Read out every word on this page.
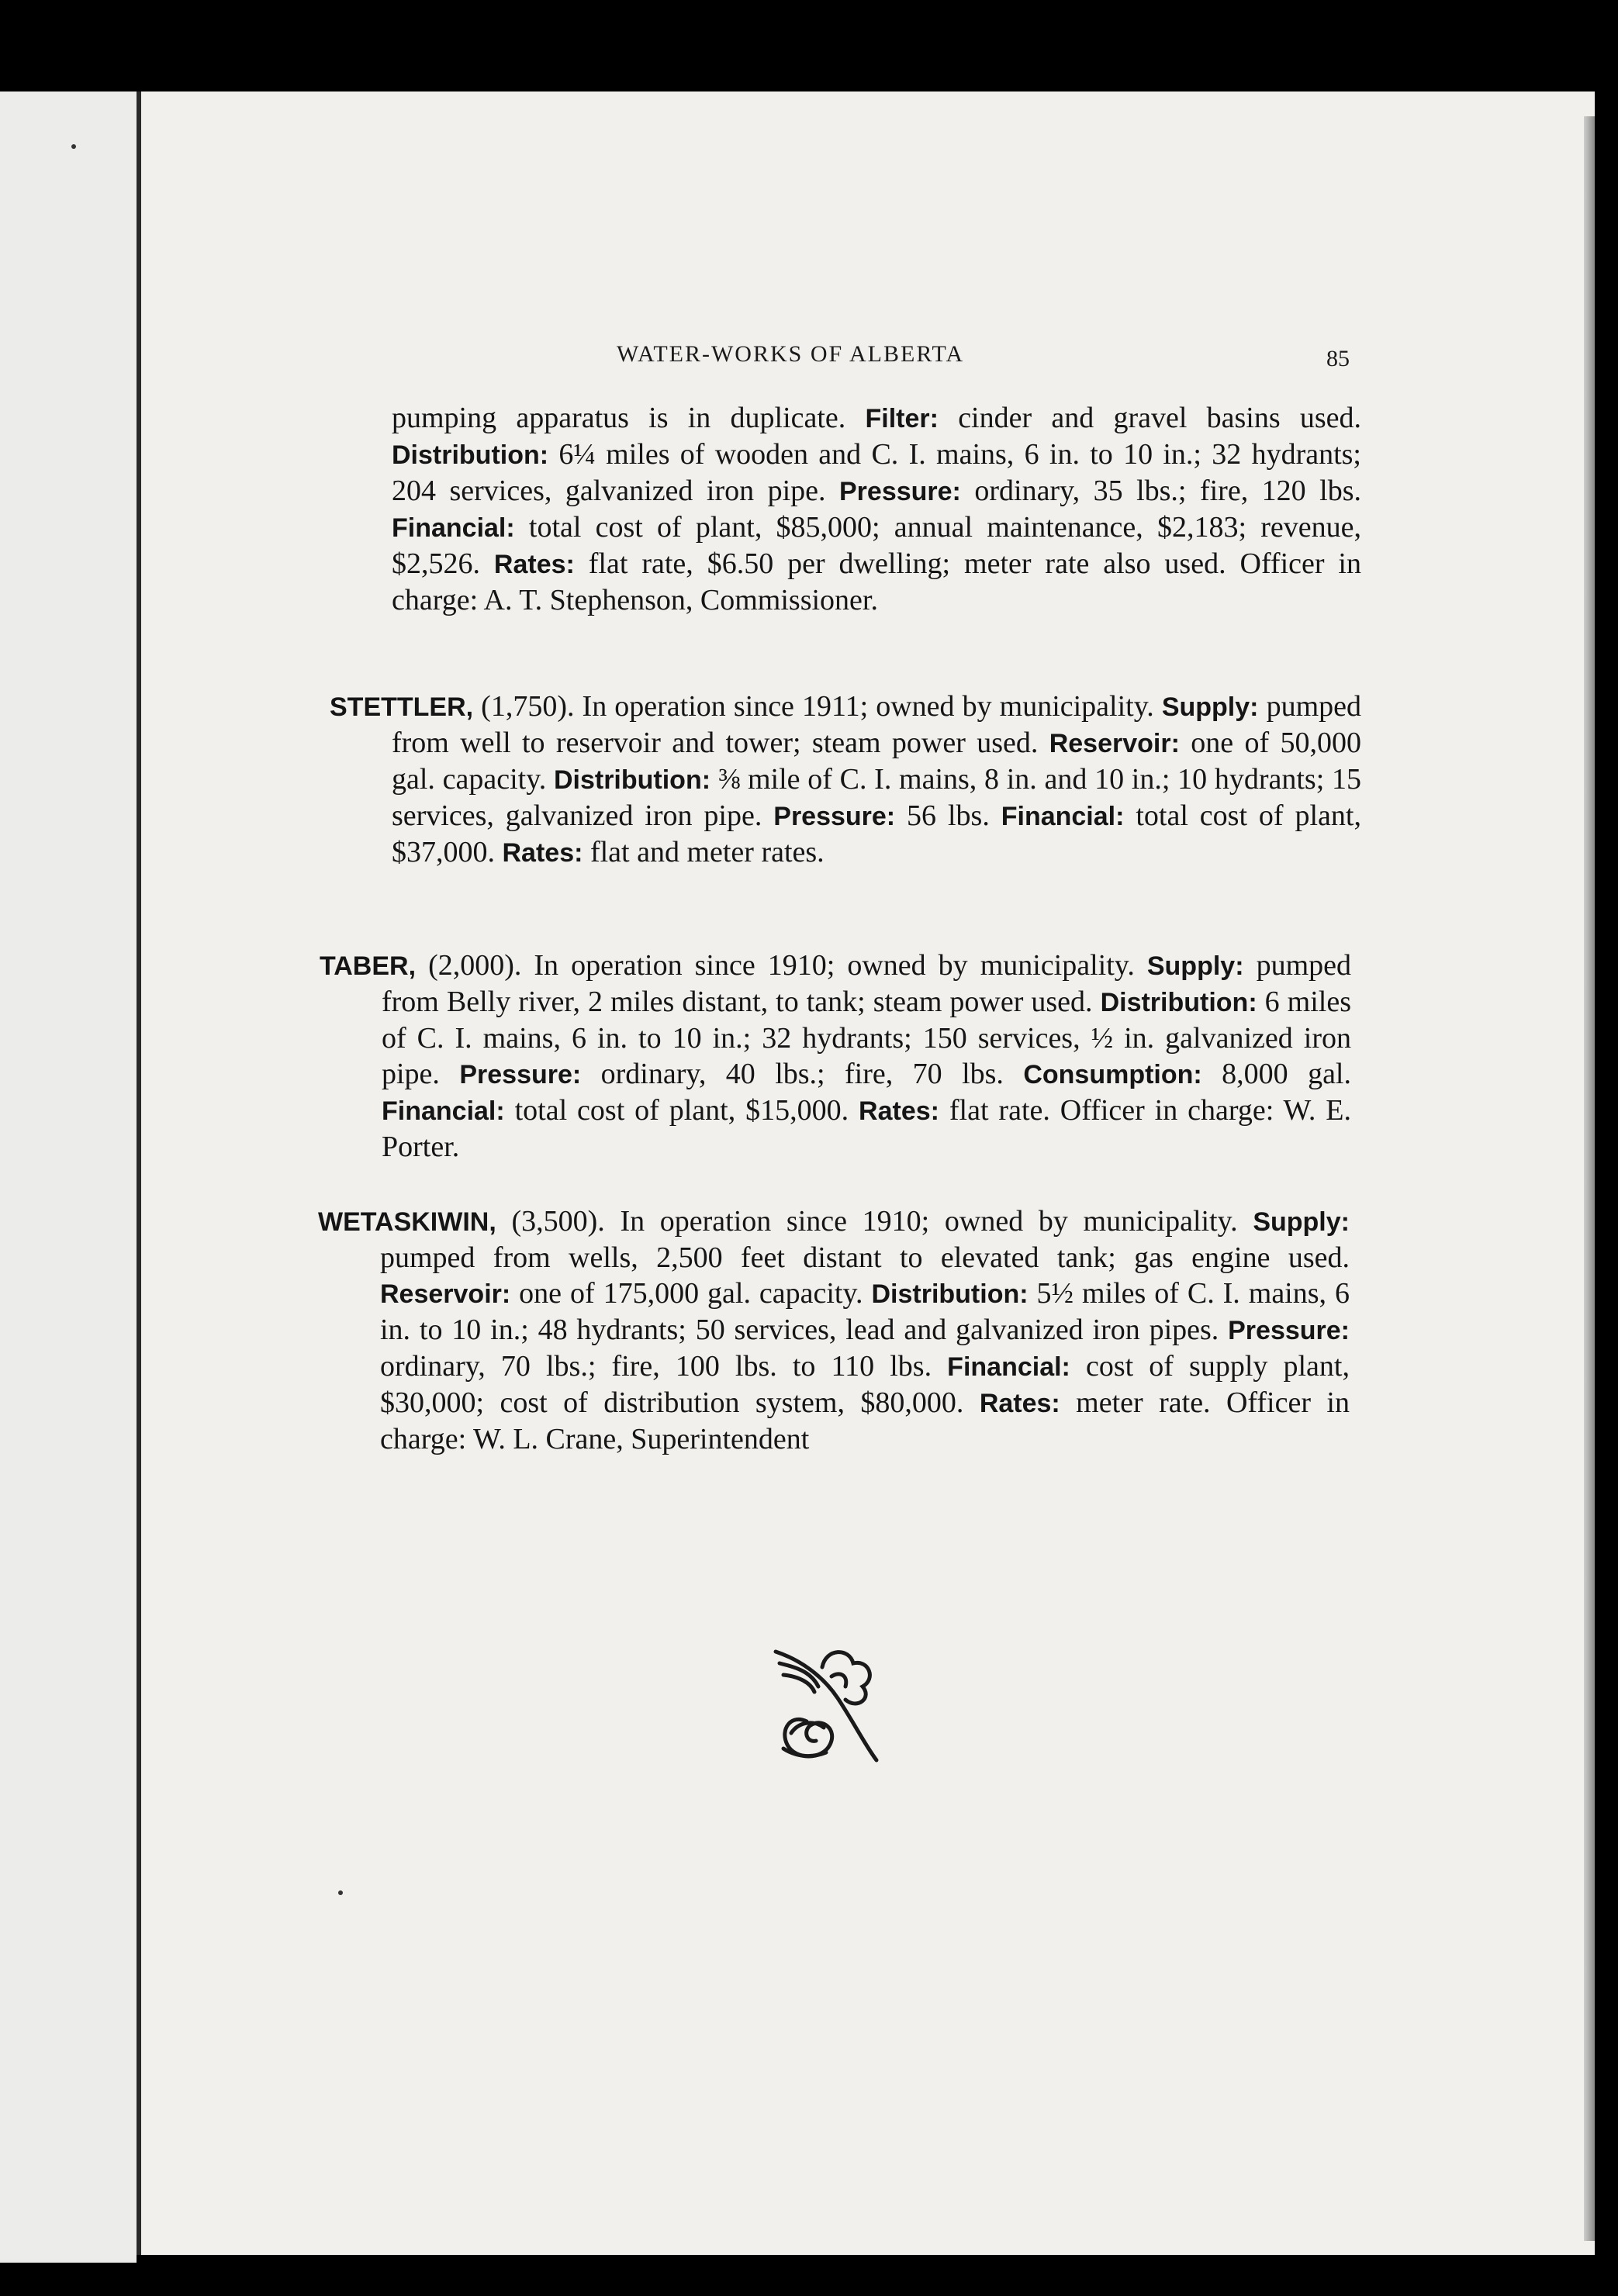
WATER-WORKS OF ALBERTA	85
pumping apparatus is in duplicate. Filter: cinder and gravel basins used. Distribution: 6¼ miles of wooden and C. I. mains, 6 in. to 10 in.; 32 hydrants; 204 services, galvanized iron pipe. Pressure: ordinary, 35 lbs.; fire, 120 lbs. Financial: total cost of plant, $85,000; annual maintenance, $2,183; revenue, $2,526. Rates: flat rate, $6.50 per dwelling; meter rate also used. Officer in charge: A. T. Stephenson, Commissioner.
STETTLER, (1,750). In operation since 1911; owned by municipality. Supply: pumped from well to reservoir and tower; steam power used. Reservoir: one of 50,000 gal. capacity. Distribution: ⅜ mile of C. I. mains, 8 in. and 10 in.; 10 hydrants; 15 services, galvanized iron pipe. Pressure: 56 lbs. Financial: total cost of plant, $37,000. Rates: flat and meter rates.
TABER, (2,000). In operation since 1910; owned by municipality. Supply: pumped from Belly river, 2 miles distant, to tank; steam power used. Distribution: 6 miles of C. I. mains, 6 in. to 10 in.; 32 hydrants; 150 services, ½ in. galvanized iron pipe. Pressure: ordinary, 40 lbs.; fire, 70 lbs. Consumption: 8,000 gal. Financial: total cost of plant, $15,000. Rates: flat rate. Officer in charge: W. E. Porter.
WETASKIWIN, (3,500). In operation since 1910; owned by municipality. Supply: pumped from wells, 2,500 feet distant to elevated tank; gas engine used. Reservoir: one of 175,000 gal. capacity. Distribution: 5½ miles of C. I. mains, 6 in. to 10 in.; 48 hydrants; 50 services, lead and galvanized iron pipes. Pressure: ordinary, 70 lbs.; fire, 100 lbs. to 110 lbs. Financial: cost of supply plant, $30,000; cost of distribution system, $80,000. Rates: meter rate. Officer in charge: W. L. Crane, Superintendent
